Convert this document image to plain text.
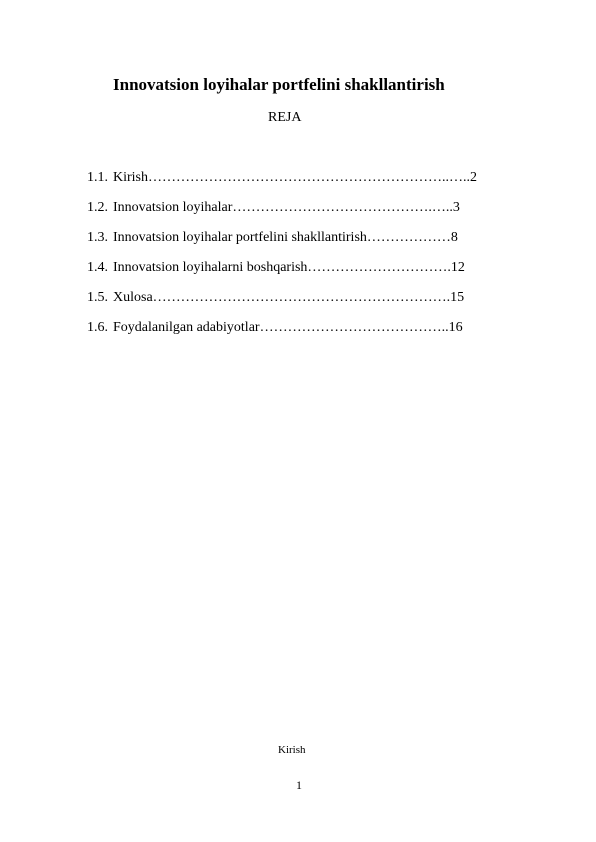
Innovatsion loyihalar portfelini shakllantirish
REJA
1.1. Kirish………………………………………………………..…..2
1.2. Innovatsion loyihalar…………………………………….…..3
1.3. Innovatsion loyihalar portfelini shakllantirish………………8
1.4. Innovatsion loyihalarni boshqarish………………………….12
1.5. Xulosa……………………………………………………….15
1.6. Foydalanilgan adabiyotlar…………………………………..16
Kirish
1
